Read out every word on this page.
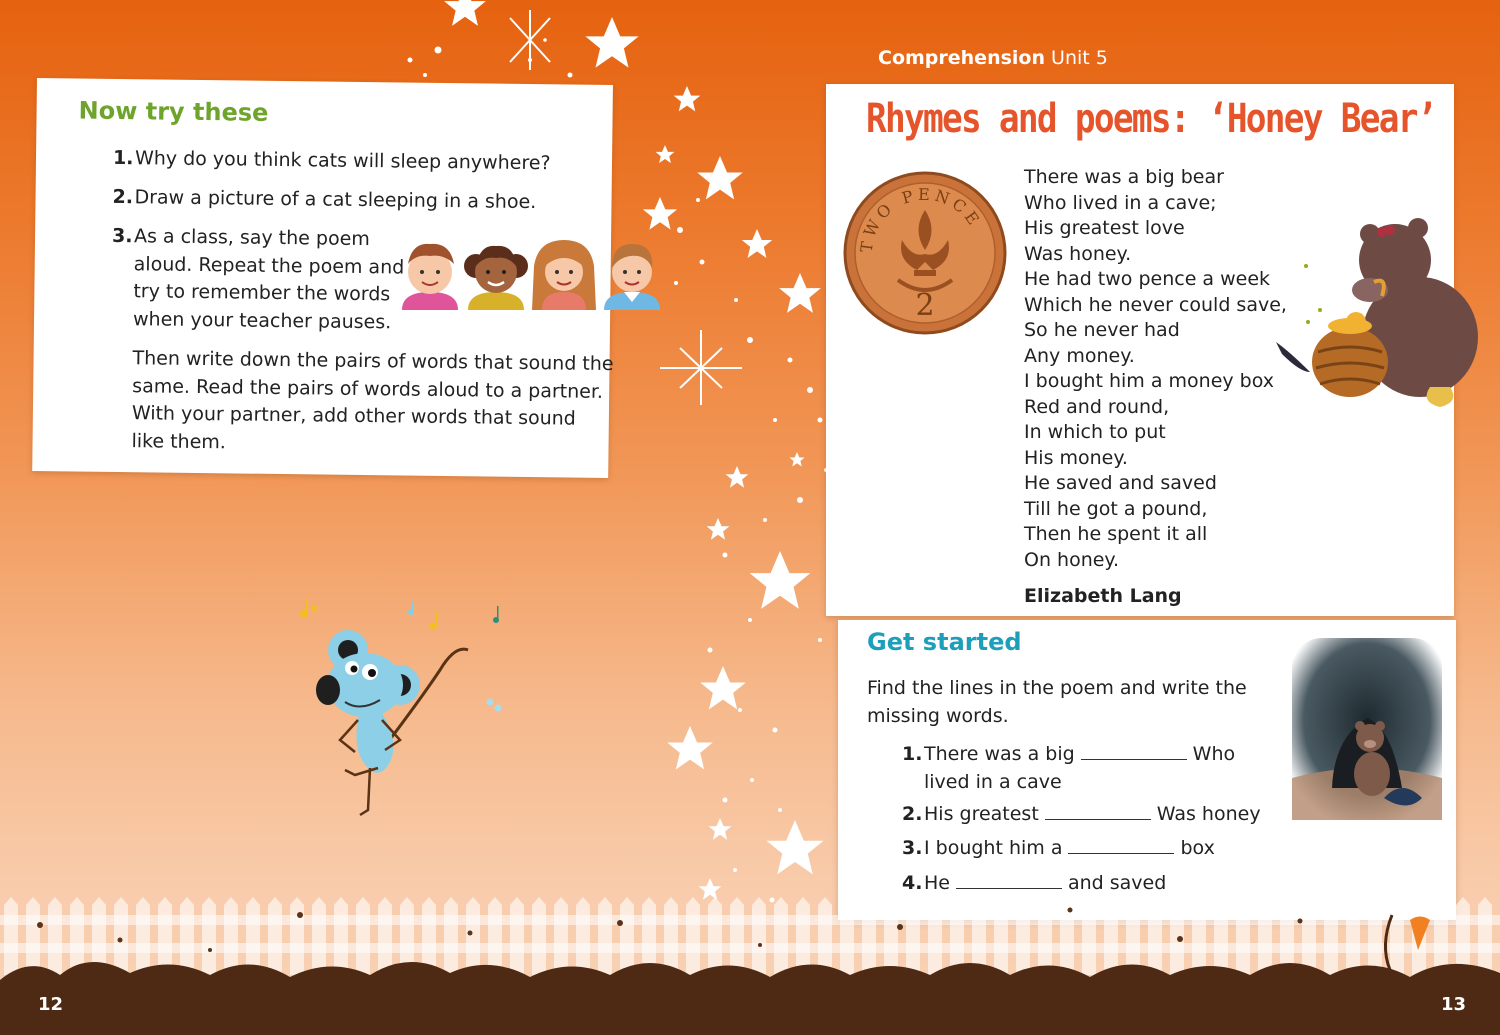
Comprehension Unit 5
Now try these
1.Why do you think cats will sleep anywhere?
2.Draw a picture of a cat sleeping in a shoe.
3. As a class, say the poem
aloud. Repeat the poem and
try to remember the words
when your teacher pauses.
Then write down the pairs of words that sound the
same. Read the pairs of words aloud to a partner.
With your partner, add other words that sound
like them.
Rhymes and poems: ‘Honey Bear’
TWO PENCE
2
There was a big bear
Who lived in a cave;
His greatest love
Was honey.
He had two pence a week
Which he never could save,
So he never had
Any money.
I bought him a money box
Red and round,
In which to put
His money.
He saved and saved
Till he got a pound,
Then he spent it all
On honey.
Elizabeth Lang
Get started
Find the lines in the poem and write the
missing words.
1.There was a big	Who
lived in a cave
2.His greatest	Was honey
3.I bought him a	box
4.He	and saved
12	13
